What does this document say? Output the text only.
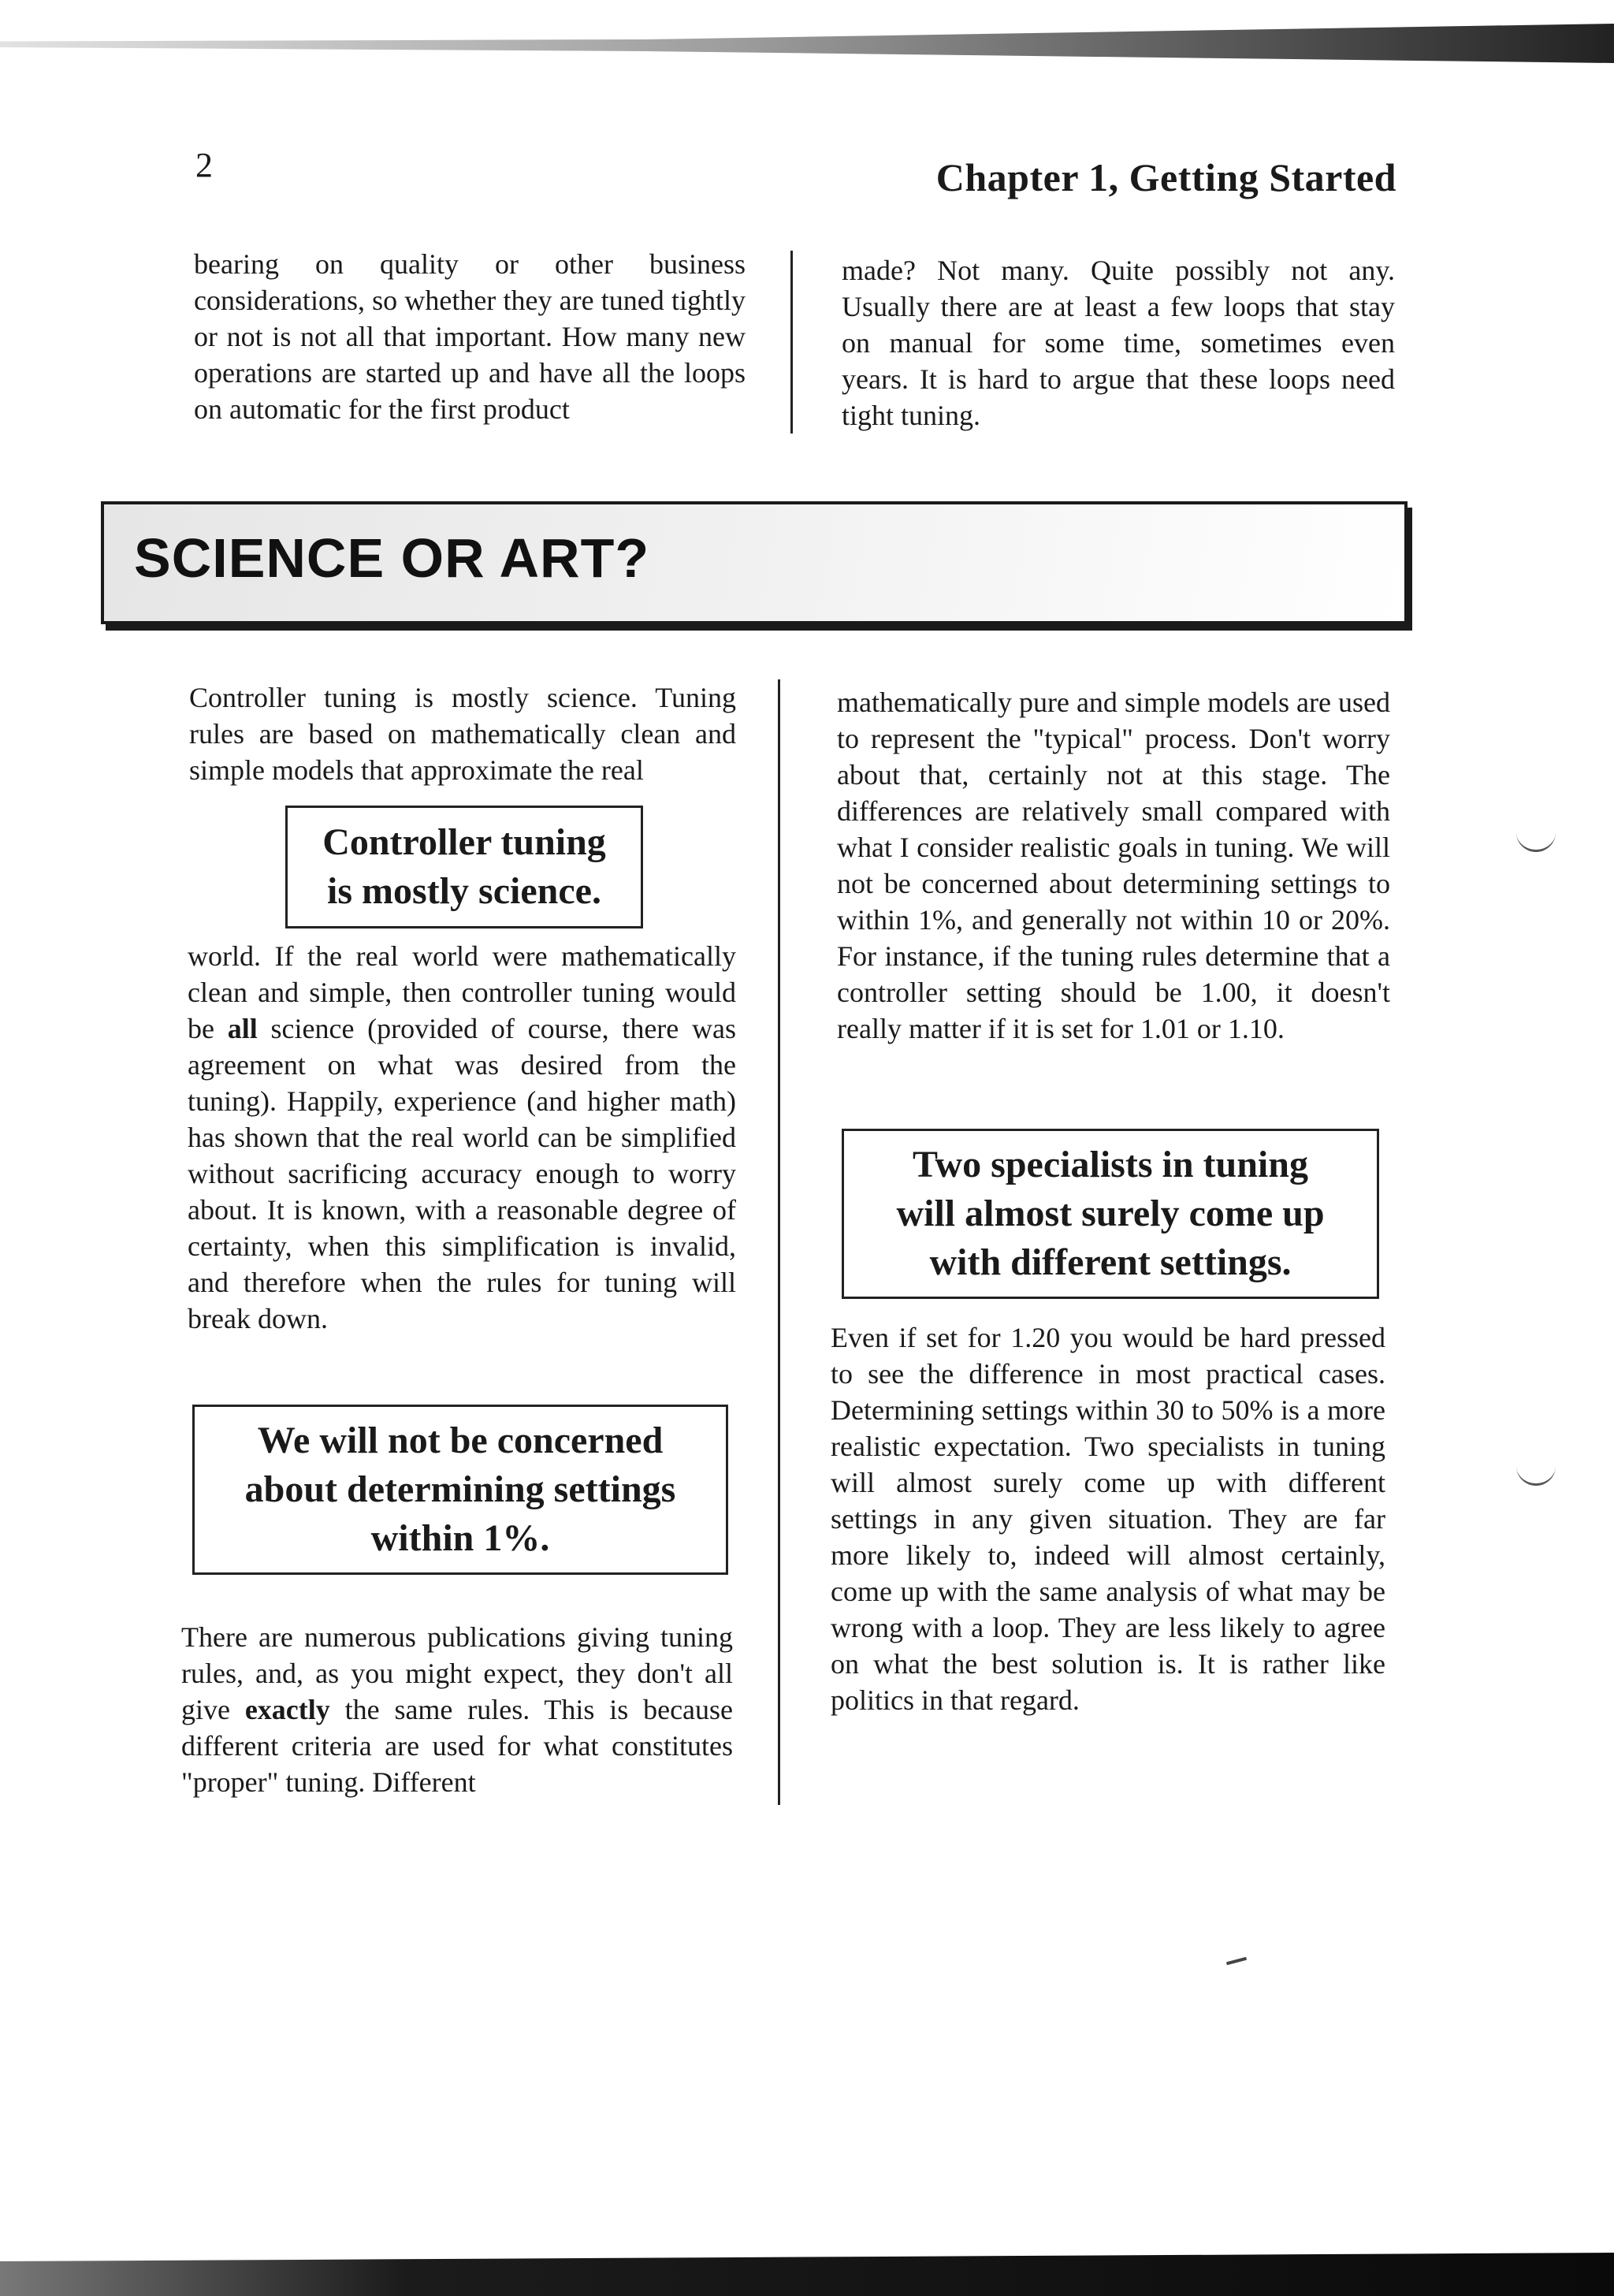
2	Chapter 1, Getting Started

bearing on quality or other business considerations, so whether they are tuned tightly or not is not all that important. How many new operations are started up and have all the loops on automatic for the first product

made? Not many. Quite possibly not any. Usually there are at least a few loops that stay on manual for some time, sometimes even years. It is hard to argue that these loops need tight tuning.

SCIENCE OR ART?

Controller tuning is mostly science. Tuning rules are based on mathematically clean and simple models that approximate the real

Controller tuning
is mostly science.

world. If the real world were mathematically clean and simple, then controller tuning would be all science (provided of course, there was agreement on what was desired from the tuning). Happily, experience (and higher math) has shown that the real world can be simplified without sacrificing accuracy enough to worry about. It is known, with a reasonable degree of certainty, when this simplification is invalid, and therefore when the rules for tuning will break down.

We will not be concerned
about determining settings
within 1%.

There are numerous publications giving tuning rules, and, as you might expect, they don't all give exactly the same rules. This is because different criteria are used for what constitutes "proper" tuning. Different

mathematically pure and simple models are used to represent the "typical" process. Don't worry about that, certainly not at this stage. The differences are relatively small compared with what I consider realistic goals in tuning. We will not be concerned about determining settings to within 1%, and generally not within 10 or 20%. For instance, if the tuning rules determine that a controller setting should be 1.00, it doesn't really matter if it is set for 1.01 or 1.10.

Two specialists in tuning
will almost surely come up
with different settings.

Even if set for 1.20 you would be hard pressed to see the difference in most practical cases. Determining settings within 30 to 50% is a more realistic expectation. Two specialists in tuning will almost surely come up with different settings in any given situation. They are far more likely to, indeed will almost certainly, come up with the same analysis of what may be wrong with a loop. They are less likely to agree on what the best solution is. It is rather like politics in that regard.
